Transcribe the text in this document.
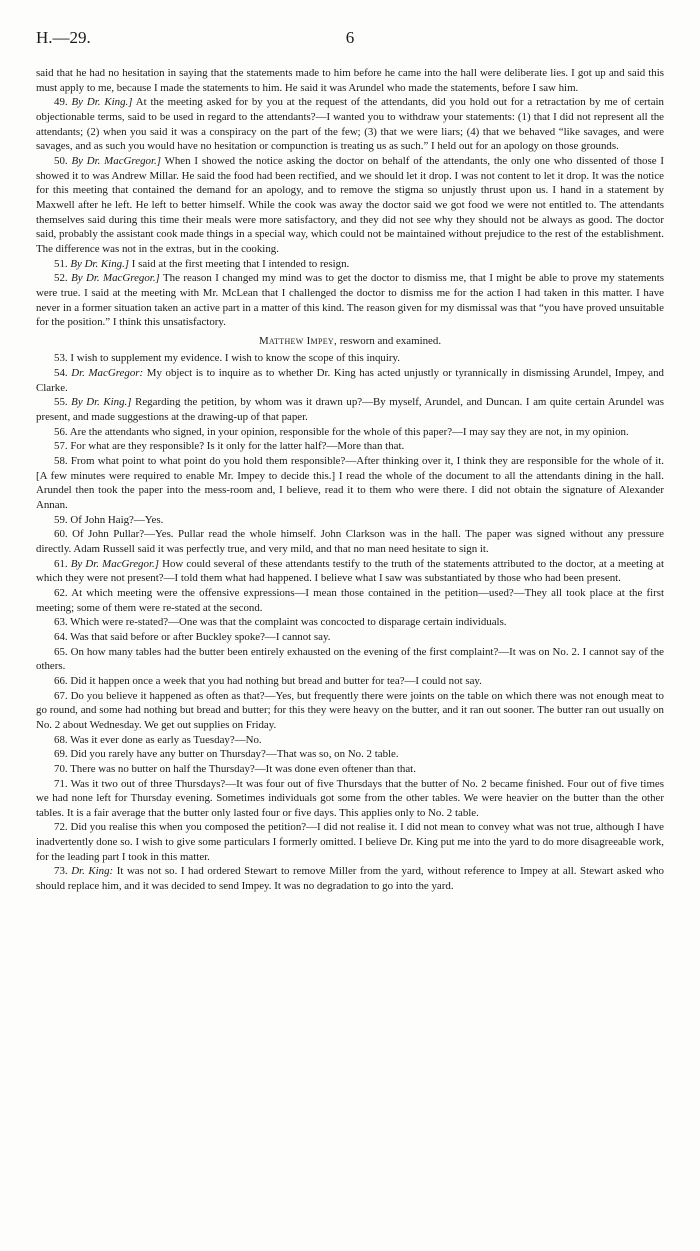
H.—29.	6

said that he had no hesitation in saying that the statements made to him before he came into the hall were deliberate lies. I got up and said this must apply to me, because I made the statements to him. He said it was Arundel who made the statements, before I saw him.

49. By Dr. King.] At the meeting asked for by you at the request of the attendants, did you hold out for a retractation by me of certain objectionable terms, said to be used in regard to the attendants?—I wanted you to withdraw your statements: (1) that I did not represent all the attendants; (2) when you said it was a conspiracy on the part of the few; (3) that we were liars; (4) that we behaved “like savages, and were savages, and as such you would have no hesitation or compunction is treating us as such.” I held out for an apology on those grounds.

50. By Dr. MacGregor.] When I showed the notice asking the doctor on behalf of the attendants, the only one who dissented of those I showed it to was Andrew Millar. He said the food had been rectified, and we should let it drop. I was not content to let it drop. It was the notice for this meeting that contained the demand for an apology, and to remove the stigma so unjustly thrust upon us. I hand in a statement by Maxwell after he left. He left to better himself. While the cook was away the doctor said we got food we were not entitled to. The attendants themselves said during this time their meals were more satisfactory, and they did not see why they should not be always as good. The doctor said, probably the assistant cook made things in a special way, which could not be maintained without prejudice to the rest of the establishment. The difference was not in the extras, but in the cooking.

51. By Dr. King.] I said at the first meeting that I intended to resign.

52. By Dr. MacGregor.] The reason I changed my mind was to get the doctor to dismiss me, that I might be able to prove my statements were true. I said at the meeting with Mr. McLean that I challenged the doctor to dismiss me for the action I had taken in this matter. I have never in a former situation taken an active part in a matter of this kind. The reason given for my dismissal was that “you have proved unsuitable for the position.” I think this unsatisfactory.

Matthew Impey, resworn and examined.

53. I wish to supplement my evidence. I wish to know the scope of this inquiry.

54. Dr. MacGregor: My object is to inquire as to whether Dr. King has acted unjustly or tyrannically in dismissing Arundel, Impey, and Clarke.

55. By Dr. King.] Regarding the petition, by whom was it drawn up?—By myself, Arundel, and Duncan. I am quite certain Arundel was present, and made suggestions at the drawing-up of that paper.

56. Are the attendants who signed, in your opinion, responsible for the whole of this paper?—I may say they are not, in my opinion.

57. For what are they responsible? Is it only for the latter half?—More than that.

58. From what point to what point do you hold them responsible?—After thinking over it, I think they are responsible for the whole of it. [A few minutes were required to enable Mr. Impey to decide this.] I read the whole of the document to all the attendants dining in the hall. Arundel then took the paper into the mess-room and, I believe, read it to them who were there. I did not obtain the signature of Alexander Annan.

59. Of John Haig?—Yes.

60. Of John Pullar?—Yes. Pullar read the whole himself. John Clarkson was in the hall. The paper was signed without any pressure directly. Adam Russell said it was perfectly true, and very mild, and that no man need hesitate to sign it.

61. By Dr. MacGregor.] How could several of these attendants testify to the truth of the statements attributed to the doctor, at a meeting at which they were not present?—I told them what had happened. I believe what I saw was substantiated by those who had been present.

62. At which meeting were the offensive expressions—I mean those contained in the petition—used?—They all took place at the first meeting; some of them were re-stated at the second.

63. Which were re-stated?—One was that the complaint was concocted to disparage certain individuals.

64. Was that said before or after Buckley spoke?—I cannot say.

65. On how many tables had the butter been entirely exhausted on the evening of the first complaint?—It was on No. 2. I cannot say of the others.

66. Did it happen once a week that you had nothing but bread and butter for tea?—I could not say.

67. Do you believe it happened as often as that?—Yes, but frequently there were joints on the table on which there was not enough meat to go round, and some had nothing but bread and butter; for this they were heavy on the butter, and it ran out sooner. The butter ran out usually on No. 2 about Wednesday. We get out supplies on Friday.

68. Was it ever done as early as Tuesday?—No.

69. Did you rarely have any butter on Thursday?—That was so, on No. 2 table.

70. There was no butter on half the Thursday?—It was done even oftener than that.

71. Was it two out of three Thursdays?—It was four out of five Thursdays that the butter of No. 2 became finished. Four out of five times we had none left for Thursday evening. Sometimes individuals got some from the other tables. We were heavier on the butter than the other tables. It is a fair average that the butter only lasted four or five days. This applies only to No. 2 table.

72. Did you realise this when you composed the petition?—I did not realise it. I did not mean to convey what was not true, although I have inadvertently done so. I wish to give some particulars I formerly omitted. I believe Dr. King put me into the yard to do more disagreeable work, for the leading part I took in this matter.

73. Dr. King: It was not so. I had ordered Stewart to remove Miller from the yard, without reference to Impey at all. Stewart asked who should replace him, and it was decided to send Impey. It was no degradation to go into the yard.
